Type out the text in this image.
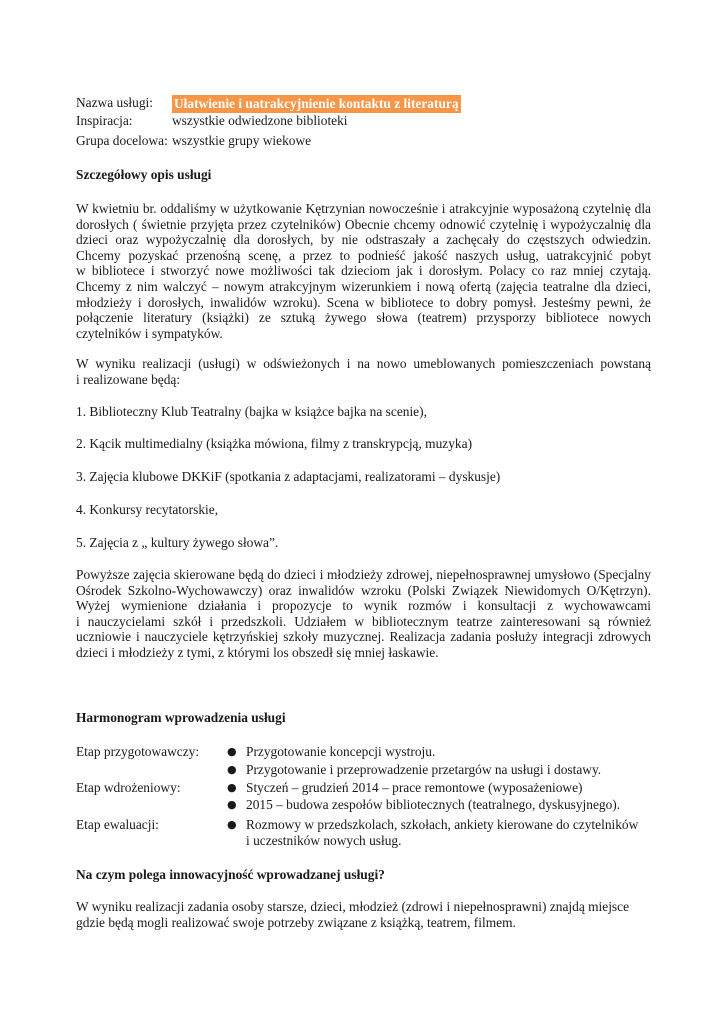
Nazwa usługi: Ułatwienie i uatrakcyjnienie kontaktu z literaturą
Inspiracja:	wszystkie odwiedzone biblioteki
Grupa docelowa: wszystkie grupy wiekowe
Szczegółowy opis usługi
W kwietniu br. oddaliśmy w użytkowanie Kętrzynian nowocześnie i atrakcyjnie wyposażoną czytelnię dla
dorosłych ( świetnie przyjęta przez czytelników) Obecnie chcemy odnowić czytelnię i wypożyczalnię dla
dzieci oraz wypożyczalnię dla dorosłych, by nie odstraszały a zachęcały do częstszych odwiedzin.
Chcemy pozyskać przenośną scenę, a przez to podnieść jakość naszych usług, uatrakcyjnić pobyt
w bibliotece i stworzyć nowe możliwości tak dzieciom jak i dorosłym. Polacy co raz mniej czytają.
Chcemy z nim walczyć – nowym atrakcyjnym wizerunkiem i nową ofertą (zajęcia teatralne dla dzieci,
młodzieży i dorosłych, inwalidów wzroku). Scena w bibliotece to dobry pomysł. Jesteśmy pewni, że
połączenie literatury (książki) ze sztuką żywego słowa (teatrem) przysporzy bibliotece nowych
czytelników i sympatyków.
W wyniku realizacji (usługi) w odświeżonych i na nowo umeblowanych pomieszczeniach powstaną
i realizowane będą:
1. Biblioteczny Klub Teatralny (bajka w książce bajka na scenie),
2. Kącik multimedialny (książka mówiona, filmy z transkrypcją, muzyka)
3. Zajęcia klubowe DKKiF (spotkania z adaptacjami, realizatorami – dyskusje)
4. Konkursy recytatorskie,
5. Zajęcia z „ kultury żywego słowa”.
Powyższe zajęcia skierowane będą do dzieci i młodzieży zdrowej, niepełnosprawnej umysłowo (Specjalny
Ośrodek Szkolno-Wychowawczy) oraz inwalidów wzroku (Polski Związek Niewidomych O/Kętrzyn).
Wyżej wymienione działania i propozycje to wynik rozmów i konsultacji z wychowawcami
i nauczycielami szkół i przedszkoli. Udziałem w bibliotecznym teatrze zainteresowani są również
uczniowie i nauczyciele kętrzyńskiej szkoły muzycznej. Realizacja zadania posłuży integracji zdrowych
dzieci i młodzieży z tymi, z którymi los obszedł się mniej łaskawie.
Harmonogram wprowadzenia usługi
Etap przygotowawczy:	● Przygotowanie koncepcji wystroju.
● Przygotowanie i przeprowadzenie przetargów na usługi i dostawy.
Etap wdrożeniowy:	● Styczeń – grudzień 2014 – prace remontowe (wyposażeniowe)
● 2015 – budowa zespołów bibliotecznych (teatralnego, dyskusyjnego).
Etap ewaluacji:	● Rozmowy w przedszkolach, szkołach, ankiety kierowane do czytelników
i uczestników nowych usług.
Na czym polega innowacyjność wprowadzanej usługi?
W wyniku realizacji zadania osoby starsze, dzieci, młodzież (zdrowi i niepełnosprawni) znajdą miejsce
gdzie będą mogli realizować swoje potrzeby związane z książką, teatrem, filmem.
